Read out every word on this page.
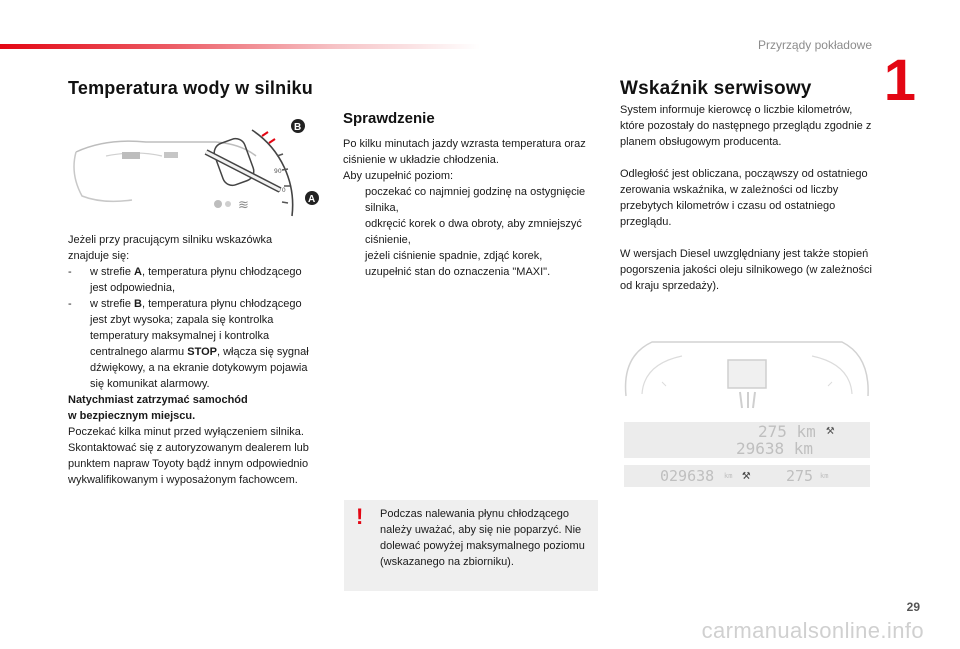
Przyrządy pokładowe
1
Temperatura wody w silniku	Wskaźnik serwisowy
Sprawdzenie
≋
90
70
B
A

Jeżeli przy pracującym silniku wskazówka znajduje się:

-	w strefie A, temperatura płynu chłodzącego jest odpowiednia,
-	w strefie B, temperatura płynu chłodzącego jest zbyt wysoka; zapala się kontrolka temperatury maksymalnej i kontrolka centralnego alarmu STOP, włącza się sygnał dźwiękowy, a na ekranie dotykowym pojawia się komunikat alarmowy.

Natychmiast zatrzymać samochód

w bezpiecznym miejscu.

Poczekać kilka minut przed wyłączeniem silnika.

Skontaktować się z autoryzowanym dealerem lub punktem napraw Toyoty bądź innym odpowiednio wykwalifikowanym i wyposażonym fachowcem.

Po kilku minutach jazdy wzrasta temperatura oraz ciśnienie w układzie chłodzenia.

Aby uzupełnić poziom:

poczekać co najmniej godzinę na ostygnięcie silnika,
odkręcić korek o dwa obroty, aby zmniejszyć ciśnienie,
jeżeli ciśnienie spadnie, zdjąć korek,
uzupełnić stan do oznaczenia "MAXI".
! Podczas nalewania płynu chłodzącego należy uważać, aby się nie poparzyć. Nie dolewać powyżej maksymalnego poziomu (wskazanego na zbiorniku).

System informuje kierowcę o liczbie kilometrów, które pozostały do następnego przeglądu zgodnie z planem obsługowym producenta.

Odległość jest obliczana, począwszy od ostatniego zerowania wskaźnika, w zależności od liczby przebytych kilometrów i czasu od ostatniego przeglądu.

W wersjach Diesel uwzględniany jest także stopień pogorszenia jakości oleju silnikowego (w zależności od kraju sprzedaży).

275 km
29638 km
⚒
029638 km ⚒ 275 km
29
carmanualsonline.info
